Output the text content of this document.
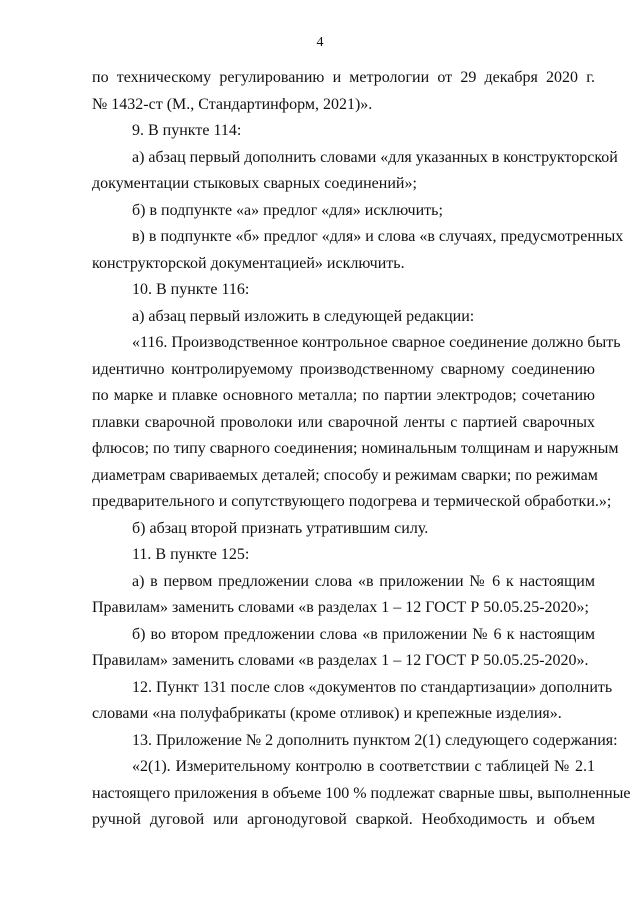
4
по техническому регулированию и метрологии от 29 декабря 2020 г.
№ 1432-ст (М., Стандартинформ, 2021)».
9. В пункте 114:
а) абзац первый дополнить словами «для указанных в конструкторской
документации стыковых сварных соединений»;
б) в подпункте «а» предлог «для» исключить;
в) в подпункте «б» предлог «для» и слова «в случаях, предусмотренных
конструкторской документацией» исключить.
10. В пункте 116:
а) абзац первый изложить в следующей редакции:
«116. Производственное контрольное сварное соединение должно быть
идентично контролируемому производственному сварному соединению
по марке и плавке основного металла; по партии электродов; сочетанию
плавки сварочной проволоки или сварочной ленты с партией сварочных
флюсов; по типу сварного соединения; номинальным толщинам и наружным
диаметрам свариваемых деталей; способу и режимам сварки; по режимам
предварительного и сопутствующего подогрева и термической обработки.»;
б) абзац второй признать утратившим силу.
11. В пункте 125:
а) в первом предложении слова «в приложении № 6 к настоящим
Правилам» заменить словами «в разделах 1 – 12 ГОСТ Р 50.05.25-2020»;
б) во втором предложении слова «в приложении № 6 к настоящим
Правилам» заменить словами «в разделах 1 – 12 ГОСТ Р 50.05.25-2020».
12. Пункт 131 после слов «документов по стандартизации» дополнить
словами «на полуфабрикаты (кроме отливок) и крепежные изделия».
13. Приложение № 2 дополнить пунктом 2(1) следующего содержания:
«2(1). Измерительному контролю в соответствии с таблицей № 2.1
настоящего приложения в объеме 100 % подлежат сварные швы, выполненные
ручной дуговой или аргонодуговой сваркой. Необходимость и объем
